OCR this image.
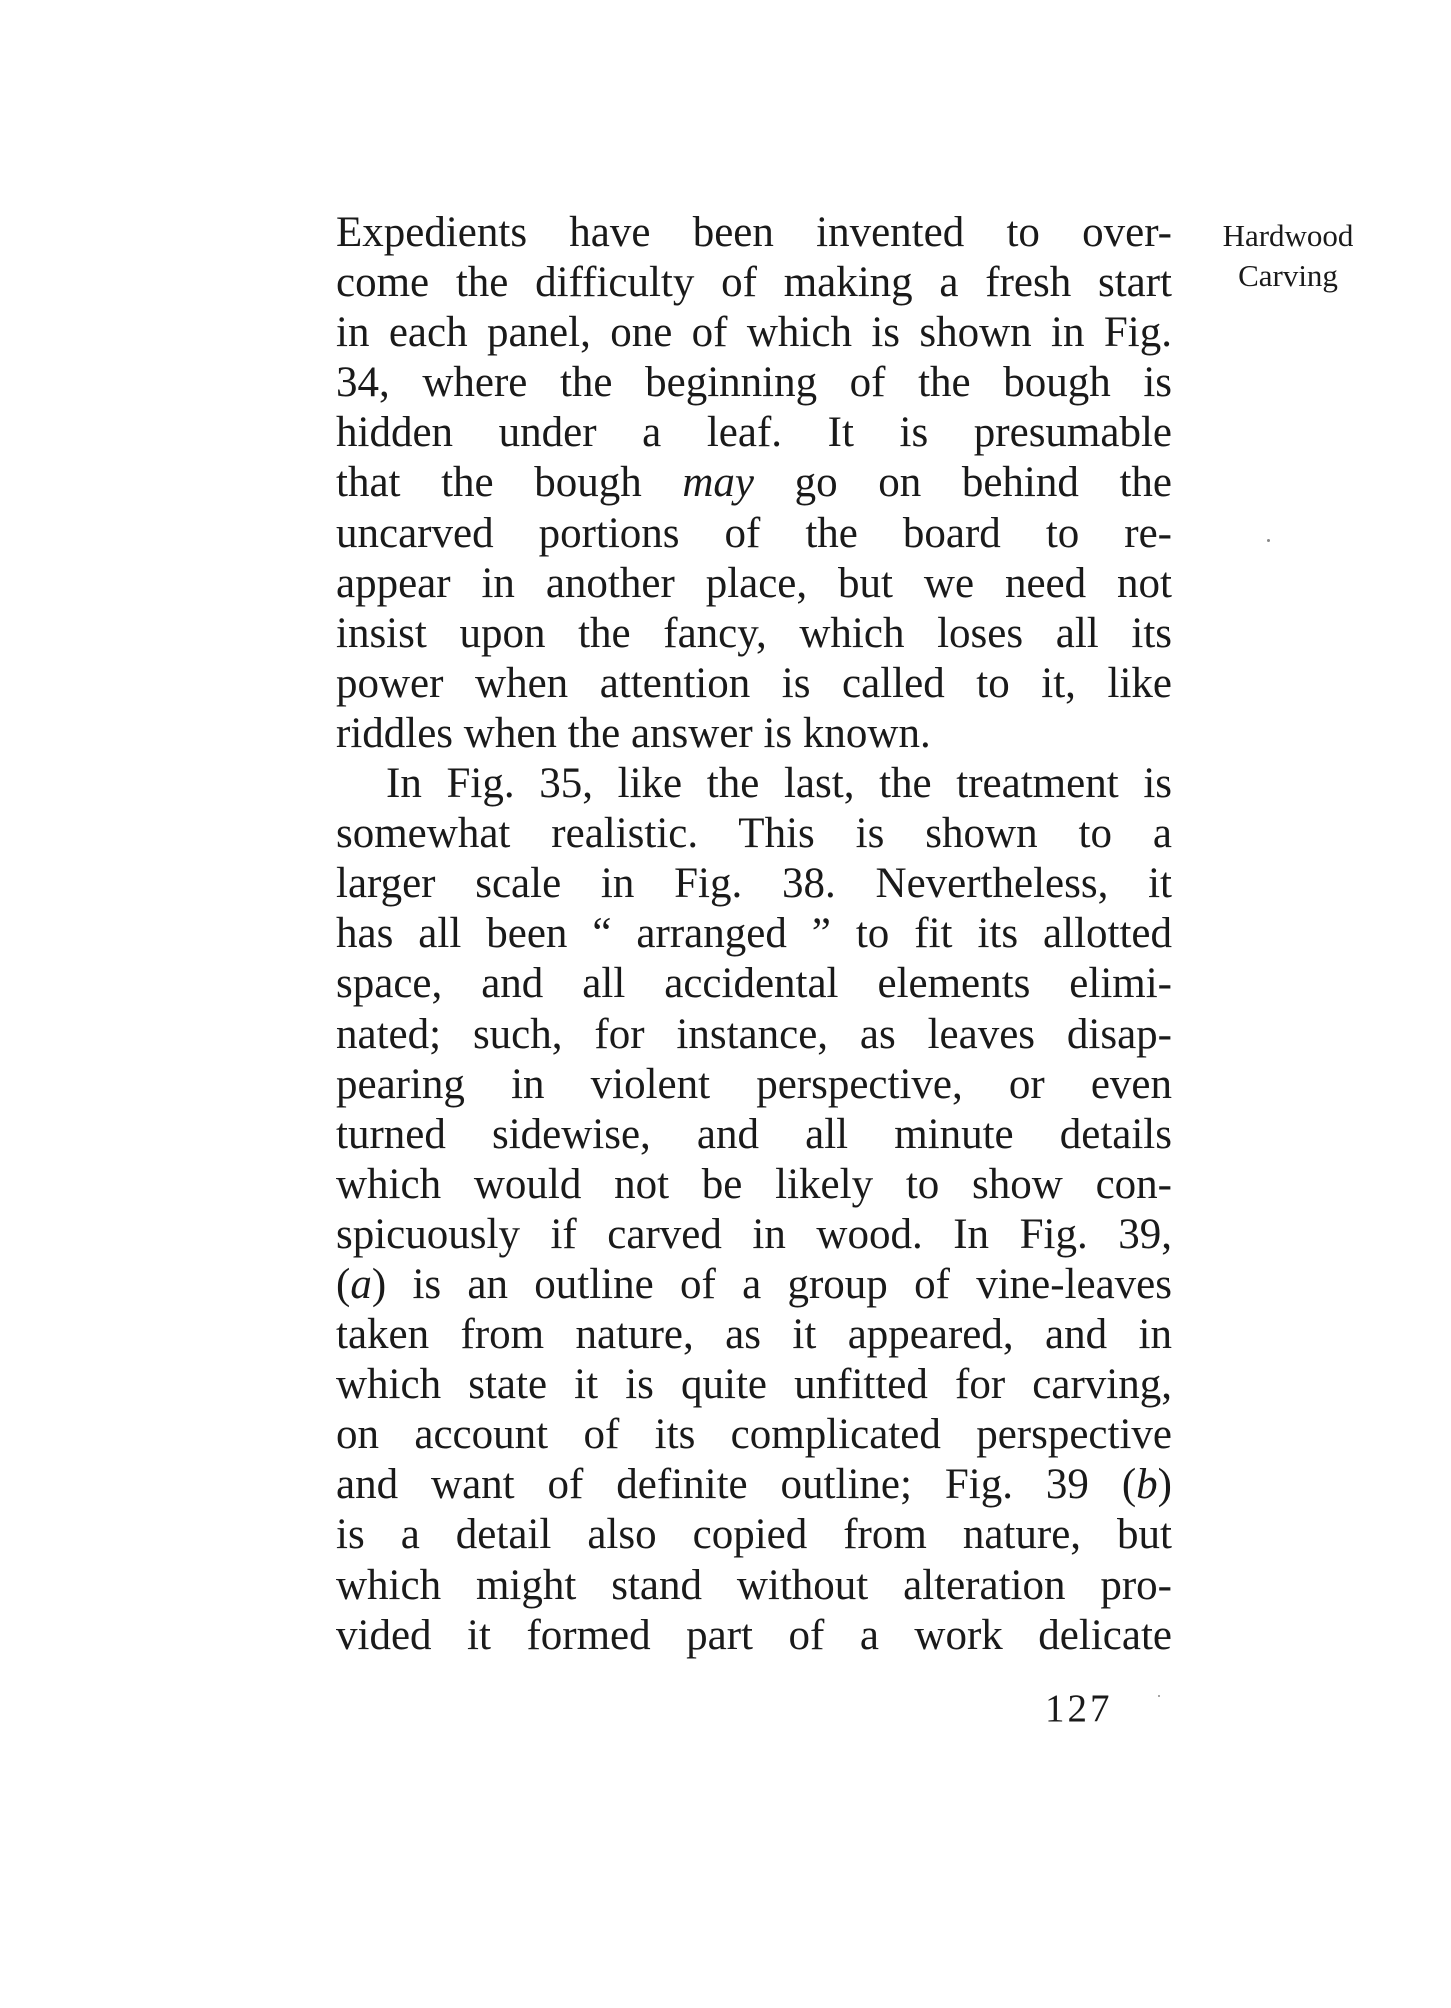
Hardwood
Carving
Expedients have been invented to over-
come the difficulty of making a fresh start
in each panel, one of which is shown in Fig.
34, where the beginning of the bough is
hidden under a leaf. It is presumable
that the bough may go on behind the
uncarved portions of the board to re-
appear in another place, but we need not
insist upon the fancy, which loses all its
power when attention is called to it, like
riddles when the answer is known.
In Fig. 35, like the last, the treatment is
somewhat realistic. This is shown to a
larger scale in Fig. 38. Nevertheless, it
has all been “ arranged ” to fit its allotted
space, and all accidental elements elimi-
nated; such, for instance, as leaves disap-
pearing in violent perspective, or even
turned sidewise, and all minute details
which would not be likely to show con-
spicuously if carved in wood. In Fig. 39,
(a) is an outline of a group of vine-leaves
taken from nature, as it appeared, and in
which state it is quite unfitted for carving,
on account of its complicated perspective
and want of definite outline; Fig. 39 (b)
is a detail also copied from nature, but
which might stand without alteration pro-
vided it formed part of a work delicate
127
